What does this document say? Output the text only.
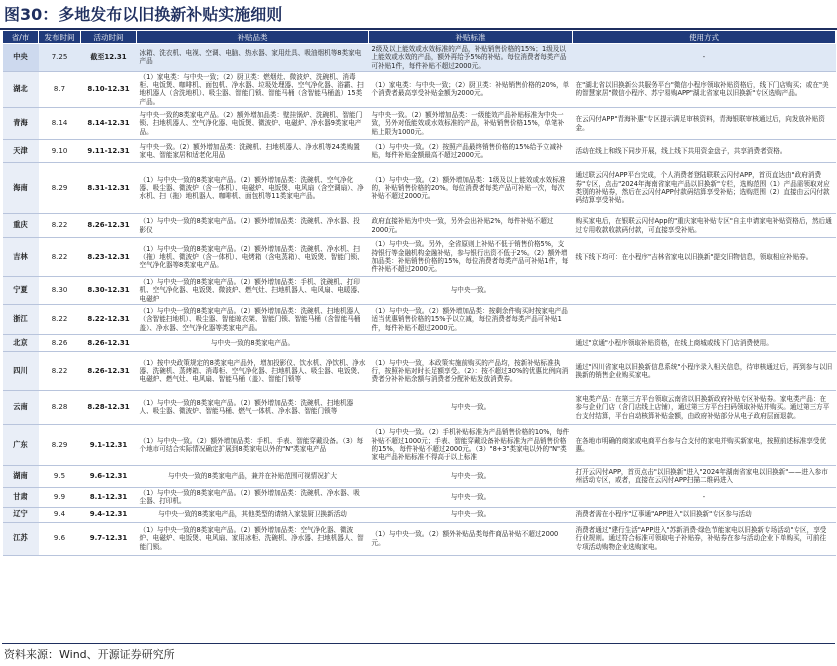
图30：多地发布以旧换新补贴实施细则
省/市	发布时间	活动时间	补贴品类	补贴标准	使用方式
中央	7.25	截至12.31	冰箱、洗衣机、电视、空调、电脑、热水器、家用灶具、吸油烟机等8类家电产品	2级及以上能效或水效标准的产品，补贴销售价格的15%；1级及以上能效或水效的产品，额外再给予5%的补贴。每位消费者每类产品可补贴1件，每件补贴不超过2000元。	-
湖北	8.7	8.10-12.31	（1）家电类：与中央一致；（2）厨卫类：燃烟灶、微波炉、洗碗机、消毒柜、电饭煲、咖啡机、面包机、净水器、垃圾处理器、空气净化器、浴霸、扫地机器人（含洗地机）、吸尘器、智能门锁、智能马桶（含智能马桶盖）15类产品。	（1）家电类：与中央一致；（2）厨卫类：补贴销售价格的20%，单个消费者最高享受补贴金额为2000元。	在"湖北省以旧换新公共服务平台"微信小程序领取补贴资格后，线下门店购买；或在"美的智慧家居"微信小程序、苏宁易购APP"湖北省家电以旧换新"专区选购产品。
青海	8.14	8.14-12.31	与中央一致的8类家电产品。（2）额外增加品类：壁挂锅炉、洗碗机、智能门锁、扫地机器人、空气净化器、电饭煲、微波炉、电磁炉、净水器9类家电产品。	与中央一致。（2）额外增加品类：一级能效产品补贴标准为中央一致，另外对低能效或水效标准的产品，补贴销售价格15%，单笔补贴上限为1000元。	在云闪付APP"青海补惠"专区提示满足审核资料，青海银联审核通过后，向发放补贴资金。
天津	9.10	9.11-12.31	与中央一致。（2）额外增加品类：洗碗机、扫地机器人、净水机等24类购置家电、智能家居和适老化用品	（1）与中央一致。（2）按照产品最终销售价格的15%给予立减补贴，每件补贴金额最高不超过2000元。	活动在线上和线下同步开展，线上线下共用资金盘子，共享消费者资格。
海南	8.29	8.31-12.31	（1）与中央一致的8类家电产品。（2）额外增加品类：洗碗机、空气净化器、吸尘器、微波炉（含一体机）、电磁炉、电饭煲、电风扇（含空调扇）、净水机、扫（拖）地机器人、咖啡机、面包机等11类家电产品。	（1）与中央一致。（2）额外增加品类：1级及以上能效或水效标准的，补贴销售价格的20%。每位消费者每类产品可补贴一次，每次补贴不超过2000元。	通过联云闪付APP平台完成，个人消费者登陆联联云闪付APP，首页直达由"政府消费券"专区，点击"2024年海南省家电产品以旧换新"专栏，选购范围（1）产品需领取对应类别的补贴券，然后在云闪付APP付款码结算享受补贴；选购范围（2）直接由云闪付款码结算享受补贴。
重庆	8.22	8.26-12.31	（1）与中央一致的8类家电产品。（2）额外增加品类：洗碗机、净水器、投影仪	政府直接补贴为中央一致，另外会出补贴2%，每件补贴不超过2000元。	购买家电后，在银联云闪付App的"重庆家电补贴专区"自主申请家电补贴资格后，然后通过专用收款收款码付款，可直接享受补贴。
吉林	8.22	8.23-12.31	（1）与中央一致的8类家电产品。（2）额外增加品类：洗碗机、净水机、扫（拖）地机、微波炉（含一体机）、电烤箱（含电蒸箱）、电饭煲、智能门锁、空气净化器等8类家电产品。	（1）与中央一致。另外，全省原则上补贴不低于销售价格5%，支持银行等金融机构金融补贴，参与银行出资不低于2%。（2）额外增加品类：补贴销售价格的15%，每位消费者每类产品可补贴1件，每件补贴不超过2000元。	线下线下均可：在小程序"吉林省家电以旧换新"提交旧物信息，领取相应补贴券。
宁夏	8.30	8.30-12.31	（1）与中央一致的8类家电产品。（2）额外增加品类：手机、洗碗机、打印机、空气净化器、电饭煲、微波炉、燃气灶、扫地机器人、电风扇、电暖器、电磁炉	与中央一致。	
浙江	8.22	8.22-12.31	（1）与中央一致的8类家电产品。（2）额外增加品类：洗碗机、扫地机器人（含智能扫地机）、吸尘器、智能晾衣架、智能门锁、智能马桶（含智能马桶盖）、净水器、空气净化器等类家电产品。	（1）与中央一致。（2）额外增加品类：按剩余件购买时按家电产品适当优惠销售价格的15%予以立减，每位消费者每类产品可补贴1件，每件补贴不超过2000元。	
北京	8.26	8.26-12.31	与中央一致的8类家电产品。		通过"京通"小程序领取补贴资格，在线上商城或线下门店消费使用。
四川	8.22	8.26-12.31	（1）按中央政策规定的8类家电产品外，增加投影仪、饮水机、净饮机、净水器、洗碗机、蒸烤箱、消毒柜、空气净化器、扫地机器人、吸尘器、电饭煲、电磁炉、燃气灶、电风扇、智能马桶（盖）、智能门锁等	（1）与中央一致，本政策实施前购买的产品均，按新补贴标准执行，按照补贴对时长足额享受。（2）：按不超过30%的优惠比例向消费者分补补贴余额与消费者分配补贴发放消费券。	通过"四川省家电以旧换新信息系统"小程序录入相关信息，待审核通过后，再到参与以旧换新的销售企业购买家电。
云南	8.28	8.28-12.31	（1）与中央一致的8类家电产品。（2）额外增加品类：洗碗机、扫地机器人、吸尘器、微波炉、智能马桶、燃气一体机、净水器、智能门锁等	与中央一致。	家电类产品：在第三方平台领取云南省以旧换新政府补贴专区补贴券。家电类产品：在参与企业门店（含门店线上店铺），通过第三方平台扫码领取补贴并购买。通过第三方平台支付结算，平台自动核算补贴金额，由政府补贴部分从电子政府层面退款。
广东	8.29	9.1-12.31	（1）与中央一致。（2）额外增加品类：手机、手表、智能穿戴设备。（3）每个地市可结合实际情况确定扩展到8类家电以外的"N"类家电产品	（1）与中央一致。（2）手机补贴标准为产品销售价格的10%，每件补贴不超过1000元；手表、智能穿戴设备补贴标准为产品销售价格的15%，每件补贴不超过2000元。（3）"8+3"类家电以外的"N"类家电产品补贴标准不得高于以上标准	在各地市明确的商家或电商平台参与合支付的家电并购买新家电，按照前述标准享受优惠。
湖南	9.5	9.6-12.31	与中央一致的8类家电产品，兼并在补贴范围可视情况扩大	与中央一致。	打开云闪付APP，首页点击"以旧换新"进入"2024年湖南省家电以旧换新"——进入参市州活动专区，或者，直接在云闪付APP扫描二维码进入
甘肃	9.9	8.1-12.31	（1）与中央一致的8类家电产品。（2）额外增加品类：洗碗机、净水器、吸尘器、打印机。	与中央一致。	-
辽宁	9.4	9.4-12.31	与中央一致的8类家电产品，其他类型的请纳入家装厨卫换新活动	与中央一致。	消费者需在小程序"辽事通"APP进入"以旧换新"专区参与活动
江苏	9.6	9.7-12.31	（1）与中央一致的8类家电产品。（2）额外增加品类：空气净化器、微波炉、电磁炉、电饭煲、电风扇、家用冰柜、洗碗机、净水器、扫地机器人、智能门锁。	（1）与中央一致。（2）额外补贴品类每件商品补贴不超过2000元。	消费者通过"建行生活"APP进入"苏新消费·绿色节能家电以旧换新专场活动"专区，享受行业规则。通过符合标准可领取电子补贴券，补贴券在参与活动企业下单购买，可前往专项活动购物企业选购家电。
资料来源：Wind、开源证券研究所
